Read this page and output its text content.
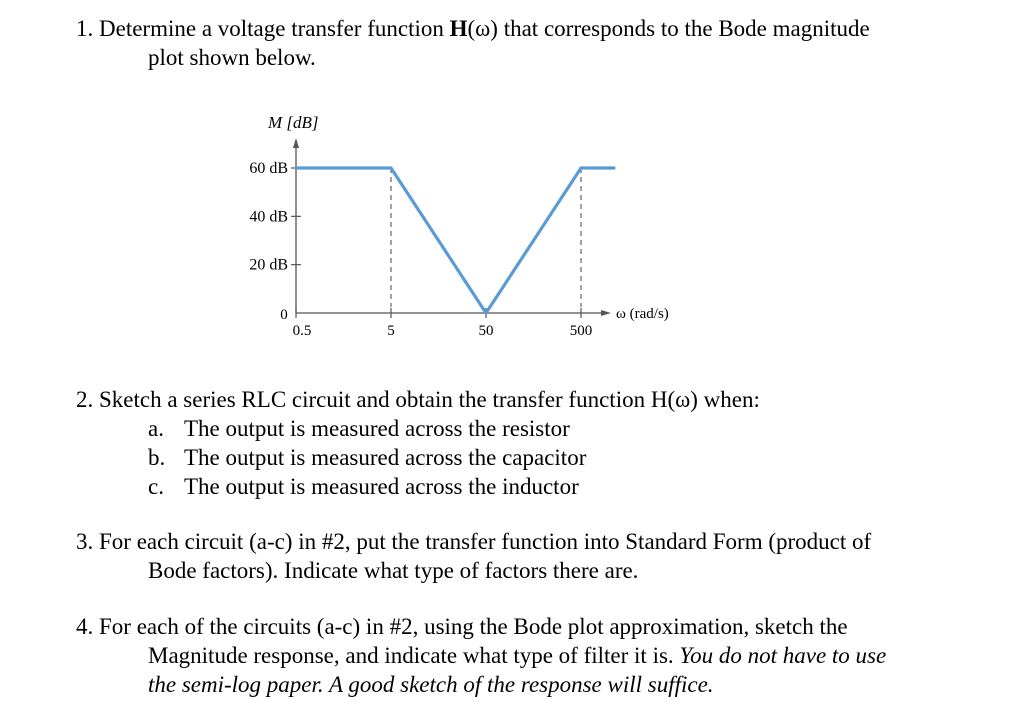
1. Determine a voltage transfer function H(ω) that corresponds to the Bode magnitude
plot shown below.
M [dB]
ω (rad/s)
0
20 dB
40 dB
60 dB
0.5	5	50	500
2. Sketch a series RLC circuit and obtain the transfer function H(ω) when:
a. The output is measured across the resistor
b. The output is measured across the capacitor
c. The output is measured across the inductor
3. For each circuit (a-c) in #2, put the transfer function into Standard Form (product of
Bode factors). Indicate what type of factors there are.
4. For each of the circuits (a-c) in #2, using the Bode plot approximation, sketch the
Magnitude response, and indicate what type of filter it is. You do not have to use
the semi-log paper. A good sketch of the response will suffice.
